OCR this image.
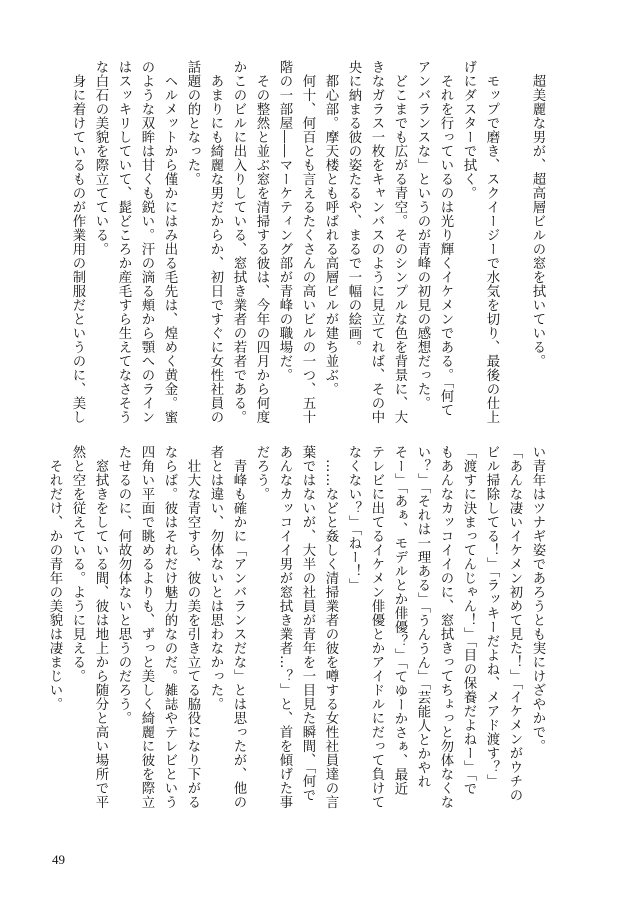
　超美麗な男が、超高層ビルの窓を拭いている。

　モップで磨き、スクイージーで水気を切り、最後の仕上
げにダスターで拭く。
　それを行っているのは光り輝くイケメンである。「何て
アンバランスな」というのが青峰の初見の感想だった。
　どこまでも広がる青空。そのシンプルな色を背景に、大
きなガラス一枚をキャンバスのように見立てれば、その中
央に納まる彼の姿たるや、まるで一幅の絵画。
　都心部。摩天楼とも呼ばれる高層ビルが建ち並ぶ。
　何十、何百とも言えるたくさんの高いビルの一つ、五十
階の一部屋――マーケティング部が青峰の職場だ。
　その整然と並ぶ窓を清掃する彼は、今年の四月から何度
かこのビルに出入りしている、窓拭き業者の若者である。
　あまりにも綺麗な男だからか、初日ですぐに女性社員の
話題の的となった。
　ヘルメットから僅かにはみ出る毛先は、煌めく黄金。蜜
のような双眸は甘くも鋭い。汗の滴る頬から顎へのライン
はスッキリしていて、髭どころか産毛すら生えてなさそう
な白石の美貌を際立てている。
　身に着けているものが作業用の制服だというのに、美し
い青年はツナギ姿であろうとも実にけざやかで。
「あんな凄いイケメン初めて見た！」「イケメンがウチの
ビル掃除してる！」「ラッキーだよね、メアド渡す？」
「渡すに決まってんじゃん！」「目の保養だよねー」「で
もあんなカッコイイのに、窓拭きってちょっと勿体なくな
い？」「それは一理ある」「うんうん」「芸能人とかやれ
そー」「あぁ、モデルとか俳優？」「てゆーかさぁ、最近
テレビに出てるイケメン俳優とかアイドルにだって負けて
なくない？」「ねー！」
　……などと姦しく清掃業者の彼を噂する女性社員達の言
葉ではないが、大半の社員が青年を一目見た瞬間、「何で
あんなカッコイイ男が窓拭き業者…？」と、首を傾げた事
だろう。
　青峰も確かに「アンバランスだな」とは思ったが、他の
者とは違い、勿体ないとは思わなかった。
　壮大な青空すら、彼の美を引き立てる脇役になり下がる
ならば。彼はそれだけ魅力的なのだ。雑誌やテレビという
四角い平面で眺めるよりも、ずっと美しく綺麗に彼を際立
たせるのに、何故勿体ないと思うのだろう。
　窓拭きをしている間、彼は地上から随分と高い場所で平
然と空を従えている。ように見える。
　それだけ、かの青年の美貌は凄まじい。
49
